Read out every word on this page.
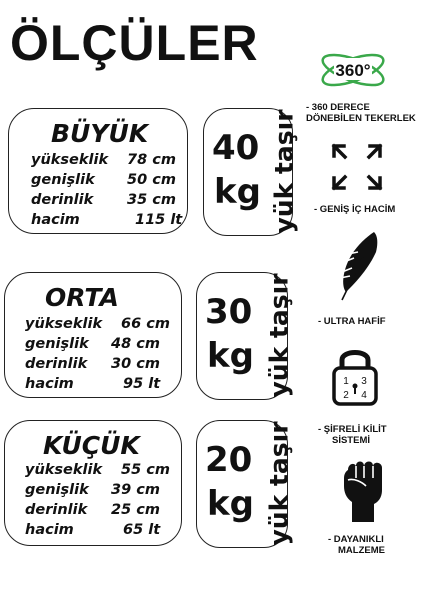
ÖLÇÜLER
BÜYÜK
yükseklik 78 cm
genişlik 50 cm
derinlik 35 cm
hacim	115 lt
40
kg yük taşır
ORTA
yükseklik 66 cm
genişlik 48 cm
derinlik 30 cm
hacim	95 lt
30
kg yük taşır
KÜÇÜK
yükseklik 55 cm
genişlik 39 cm
derinlik 25 cm
hacim	65 lt
20
kg yük taşır
360°
- 360 DERECE
DÖNEBİLEN TEKERLEK
- GENİŞ İÇ HACİM
- ULTRA HAFİF
1 3
2 4
- ŞİFRELİ KİLİT
SİSTEMİ
- DAYANIKLI
MALZEME
